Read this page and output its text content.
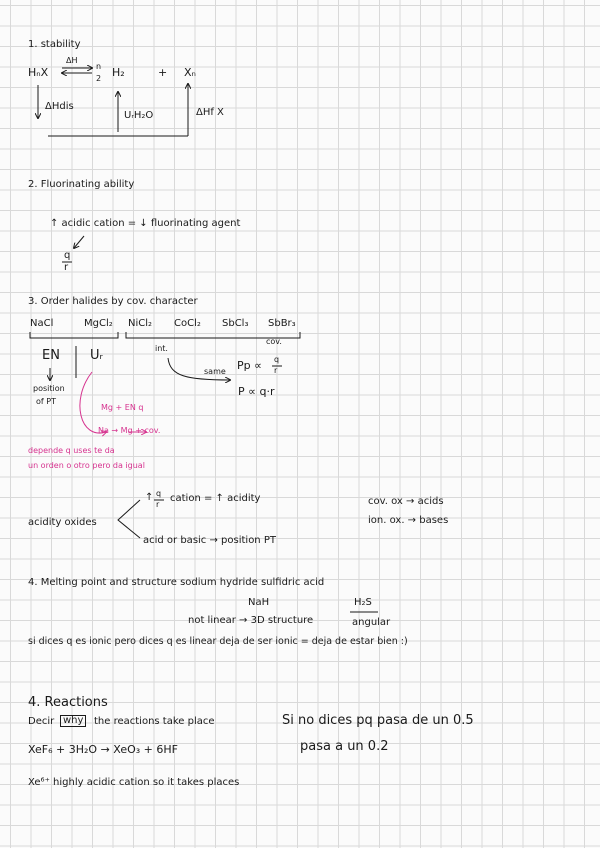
1. stability
HₙX
ΔH
n
2 H₂	+ Xₙ
ΔHdis
UᵣH₂O	ΔHf X
2. Fluorinating ability
↑ acidic cation = ↓ fluorinating agent
q
r
3. Order halides by cov. character
NaCl	MgCl₂ NiCl₂ CoCl₂ SbCl₃ SbBr₃
cov.
int.
EN Uᵣ
position
of PT
same Pp ∝ q
r
P ∝ q·r
Mg + EN q
Na → Mg + cov.
depende q uses te da
un orden o otro pero da igual
acidity oxides
↑ q
r
cation = ↑ acidity
acid or basic → position PT
cov. ox → acids
ion. ox. → bases
4. Melting point and structure sodium hydride sulfidric acid
NaH	H₂S
not linear → 3D structure	angular
si dices q es ionic pero dices q es linear deja de ser ionic = deja de estar bien :)
4. Reactions
Decir why	the reactions take place	Si no dices pq pasa de un 0.5
pasa a un 0.2
XeF₆ + 3H₂O → XeO₃ + 6HF
Xe⁶⁺ highly acidic cation so it takes places
